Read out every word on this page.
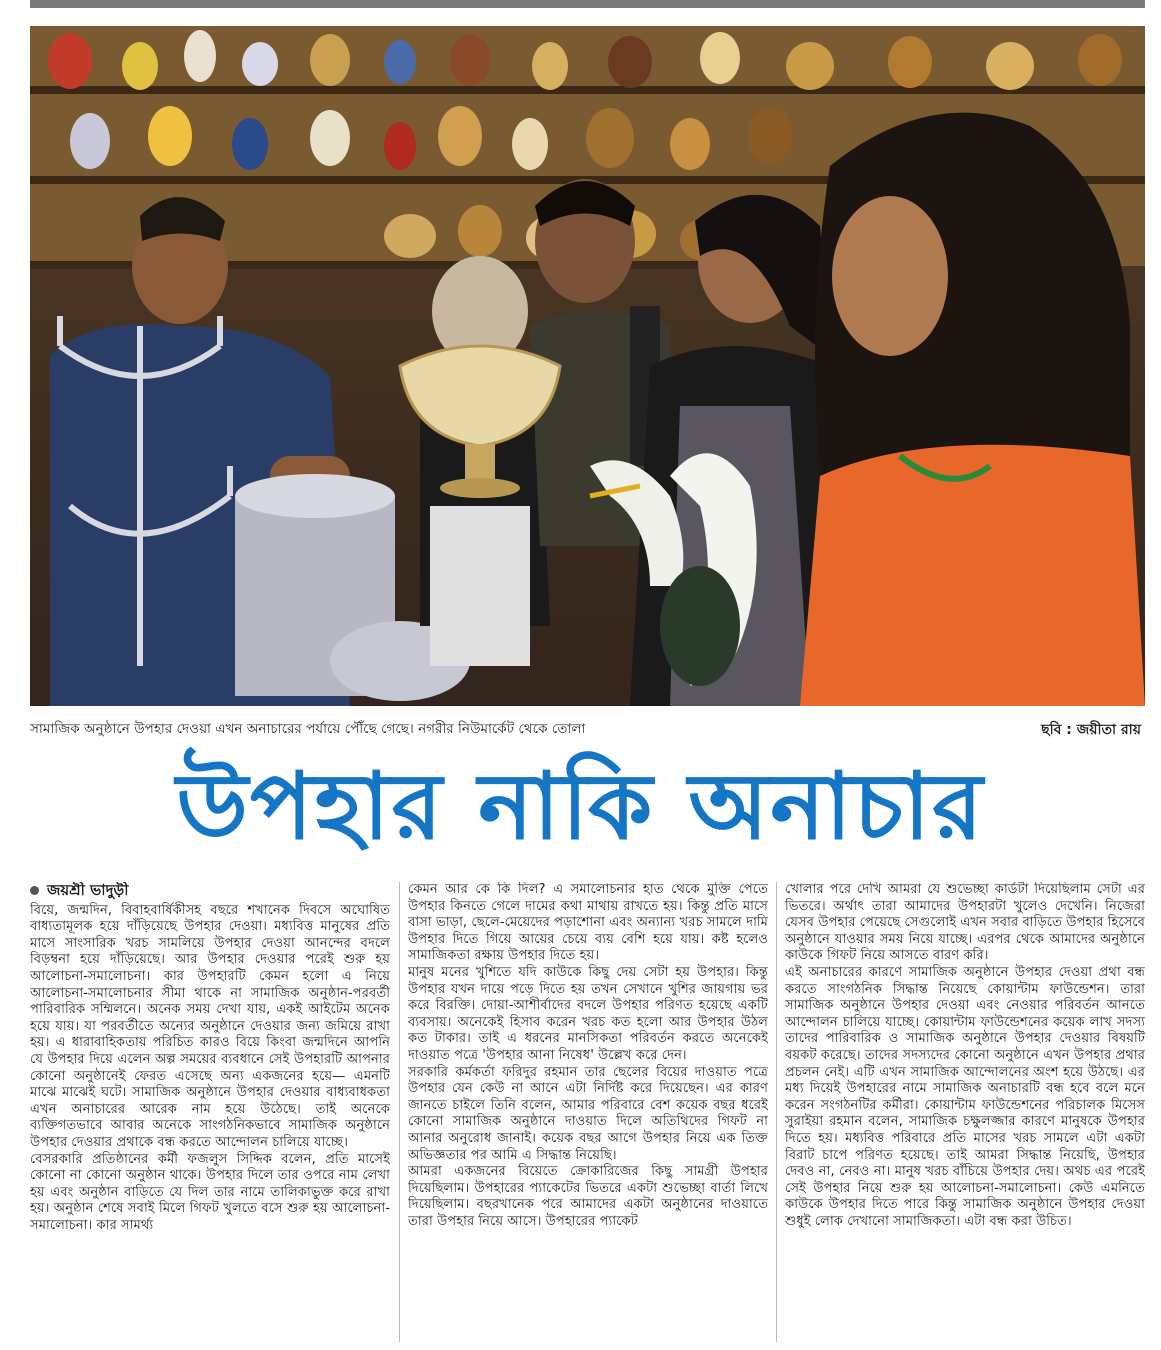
সামাজিক অনুষ্ঠানে উপহার দেওয়া এখন অনাচারের পর্যায়ে পৌঁছে গেছে। নগরীর নিউমার্কেট থেকে তোলা	ছবি : জয়ীতা রায়
উপহার নাকি অনাচার

জয়শ্রী ভাদুড়ী

বিয়ে, জন্মদিন, বিবাহবার্ষিকীসহ বছরে শখানেক দিবসে অঘোষিত বাধ্যতামূলক হয়ে দাঁড়িয়েছে উপহার দেওয়া। মধ্যবিত্ত মানুষের প্রতি মাসে সাংসারিক খরচ সামলিয়ে উপহার দেওয়া আনন্দের বদলে বিড়ম্বনা হয়ে দাঁড়িয়েছে। আর উপহার দেওয়ার পরেই শুরু হয় আলোচনা-সমালোচনা। কার উপহারটি কেমন হলো এ নিয়ে আলোচনা-সমালোচনার সীমা থাকে না সামাজিক অনুষ্ঠান-পরবর্তী পারিবারিক সম্মিলনে। অনেক সময় দেখা যায়, একই আইটেম অনেক হয়ে যায়। যা পরবর্তীতে অন্যের অনুষ্ঠানে দেওয়ার জন্য জমিয়ে রাখা হয়। এ ধারাবাহিকতায় পরিচিত কারও বিয়ে কিংবা জন্মদিনে আপনি যে উপহার দিয়ে এলেন অল্প সময়ের ব্যবধানে সেই উপহারটি আপনার কোনো অনুষ্ঠানেই ফেরত এসেছে অন্য একজনের হয়ে— এমনটি মাঝে মাঝেই ঘটে। সামাজিক অনুষ্ঠানে উপহার দেওয়ার বাধ্যবাধকতা এখন অনাচারের আরেক নাম হয়ে উঠেছে। তাই অনেকে ব্যক্তিগতভাবে আবার অনেকে সাংগঠনিকভাবে সামাজিক অনুষ্ঠানে উপহার দেওয়ার প্রথাকে বন্ধ করতে আন্দোলন চালিয়ে যাচ্ছে।

বেসরকারি প্রতিষ্ঠানের কর্মী ফজলুস সিদ্দিক বলেন, প্রতি মাসেই কোনো না কোনো অনুষ্ঠান থাকে। উপহার দিলে তার ওপরে নাম লেখা হয় এবং অনুষ্ঠান বাড়িতে যে দিল তার নামে তালিকাভুক্ত করে রাখা হয়। অনুষ্ঠান শেষে সবাই মিলে গিফট খুলতে বসে শুরু হয় আলোচনা-সমালোচনা। কার সামর্থ্য

কেমন আর কে কি দিল? এ সমালোচনার হাত থেকে মুক্তি পেতে উপহার কিনতে গেলে দামের কথা মাথায় রাখতে হয়। কিন্তু প্রতি মাসে বাসা ভাড়া, ছেলে-মেয়েদের পড়াশোনা এবং অন্যান্য খরচ সামলে দামি উপহার দিতে গিয়ে আয়ের চেয়ে ব্যয় বেশি হয়ে যায়। কষ্ট হলেও সামাজিকতা রক্ষায় উপহার দিতে হয়।

মানুষ মনের খুশিতে যদি কাউকে কিছু দেয় সেটা হয় উপহার। কিন্তু উপহার যখন দায়ে পড়ে দিতে হয় তখন সেখানে খুশির জায়গায় ভর করে বিরক্তি। দোয়া-আশীর্বাদের বদলে উপহার পরিণত হয়েছে একটি ব্যবসায়। অনেকেই হিসাব করেন খরচ কত হলো আর উপহার উঠল কত টাকার। তাই এ ধরনের মানসিকতা পরিবর্তন করতে অনেকেই দাওয়াত পত্রে 'উপহার আনা নিষেধ' উল্লেখ করে দেন।

সরকারি কর্মকর্তা ফরিদুর রহমান তার ছেলের বিয়ের দাওয়াত পত্রে উপহার যেন কেউ না আনে এটা নির্দিষ্ট করে দিয়েছেন। এর কারণ জানতে চাইলে তিনি বলেন, আমার পরিবারে বেশ কয়েক বছর ধরেই কোনো সামাজিক অনুষ্ঠানে দাওয়াত দিলে অতিথিদের গিফট না আনার অনুরোধ জানাই। কয়েক বছর আগে উপহার নিয়ে এক তিক্ত অভিজ্ঞতার পর আমি এ সিদ্ধান্ত নিয়েছি।

আমরা একজনের বিয়েতে ক্রোকারিজের কিছু সামগ্রী উপহার দিয়েছিলাম। উপহারের প্যাকেটের ভিতরে একটা শুভেচ্ছা বার্তা লিখে দিয়েছিলাম। বছরখানেক পরে আমাদের একটা অনুষ্ঠানের দাওয়াতে তারা উপহার নিয়ে আসে। উপহারের প্যাকেট

খোলার পরে দেখি আমরা যে শুভেচ্ছা কার্ডটা দিয়েছিলাম সেটা এর ভিতরে। অর্থাৎ তারা আমাদের উপহারটা খুলেও দেখেনি। নিজেরা যেসব উপহার পেয়েছে সেগুলোই এখন সবার বাড়িতে উপহার হিসেবে অনুষ্ঠানে যাওয়ার সময় নিয়ে যাচ্ছে। এরপর থেকে আমাদের অনুষ্ঠানে কাউকে গিফট নিয়ে আসতে বারণ করি।

এই অনাচারের কারণে সামাজিক অনুষ্ঠানে উপহার দেওয়া প্রথা বন্ধ করতে সাংগঠনিক সিদ্ধান্ত নিয়েছে কোয়ান্টাম ফাউন্ডেশন। তারা সামাজিক অনুষ্ঠানে উপহার দেওয়া এবং নেওয়ার পরিবর্তন আনতে আন্দোলন চালিয়ে যাচ্ছে। কোয়ান্টাম ফাউন্ডেশনের কয়েক লাখ সদস্য তাদের পারিবারিক ও সামাজিক অনুষ্ঠানে উপহার দেওয়ার বিষয়টি বয়কট করেছে। তাদের সদস্যদের কোনো অনুষ্ঠানে এখন উপহার প্রথার প্রচলন নেই। এটি এখন সামাজিক আন্দোলনের অংশ হয়ে উঠছে। এর মধ্য দিয়েই উপহারের নামে সামাজিক অনাচারটি বন্ধ হবে বলে মনে করেন সংগঠনটির কর্মীরা। কোয়ান্টাম ফাউন্ডেশনের পরিচালক মিসেস সুরাইয়া রহমান বলেন, সামাজিক চক্ষুলজ্জার কারণে মানুষকে উপহার দিতে হয়। মধ্যবিত্ত পরিবারে প্রতি মাসের খরচ সামলে এটা একটা বিরাট চাপে পরিণত হয়েছে। তাই আমরা সিদ্ধান্ত নিয়েছি, উপহার দেবও না, নেবও না। মানুষ খরচ বাঁচিয়ে উপহার দেয়। অথচ এর পরেই সেই উপহার নিয়ে শুরু হয় আলোচনা-সমালোচনা। কেউ এমনিতে কাউকে উপহার দিতে পারে কিন্তু সামাজিক অনুষ্ঠানে উপহার দেওয়া শুধুই লোক দেখানো সামাজিকতা। এটা বন্ধ করা উচিত।
